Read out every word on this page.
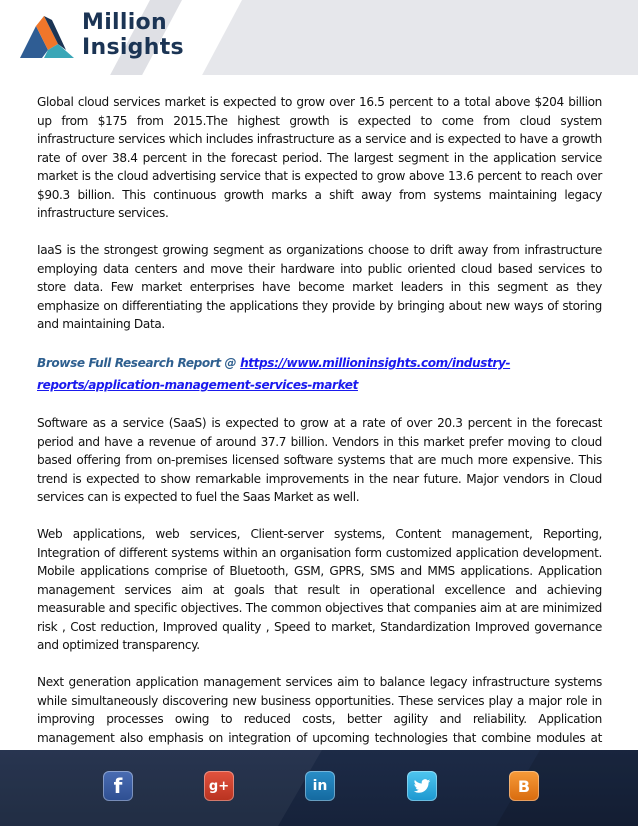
Million
Insights

Global cloud services market is expected to grow over 16.5 percent to a total above $204 billion up from $175 from 2015.The highest growth is expected to come from cloud system infrastructure services which includes infrastructure as a service and is expected to have a growth rate of over 38.4 percent in the forecast period. The largest segment in the application service market is the cloud advertising service that is expected to grow above 13.6 percent to reach over $90.3 billion. This continuous growth marks a shift away from systems maintaining legacy infrastructure services.

IaaS is the strongest growing segment as organizations choose to drift away from infrastructure employing data centers and move their hardware into public oriented cloud based services to store data. Few market enterprises have become market leaders in this segment as they emphasize on differentiating the applications they provide by bringing about new ways of storing and maintaining Data.

Browse Full Research Report @ https://www.millioninsights.com/industry-reports/application-management-services-market

Software as a service (SaaS) is expected to grow at a rate of over 20.3 percent in the forecast period and have a revenue of around 37.7 billion. Vendors in this market prefer moving to cloud based offering from on-premises licensed software systems that are much more expensive. This trend is expected to show remarkable improvements in the near future. Major vendors in Cloud services can is expected to fuel the Saas Market as well.

Web applications, web services, Client-server systems, Content management, Reporting, Integration of different systems within an organisation form customized application development. Mobile applications comprise of Bluetooth, GSM, GPRS, SMS and MMS applications. Application management services aim at goals that result in operational excellence and achieving measurable and specific objectives. The common objectives that companies aim at are minimized risk , Cost reduction, Improved quality , Speed to market, Standardization Improved governance and optimized transparency.

Next generation application management services aim to balance legacy infrastructure systems while simultaneously discovering new business opportunities. These services play a major role in improving processes owing to reduced costs, better agility and reliability. Application management also emphasis on integration of upcoming technologies that combine modules at

f	g+	in	B
